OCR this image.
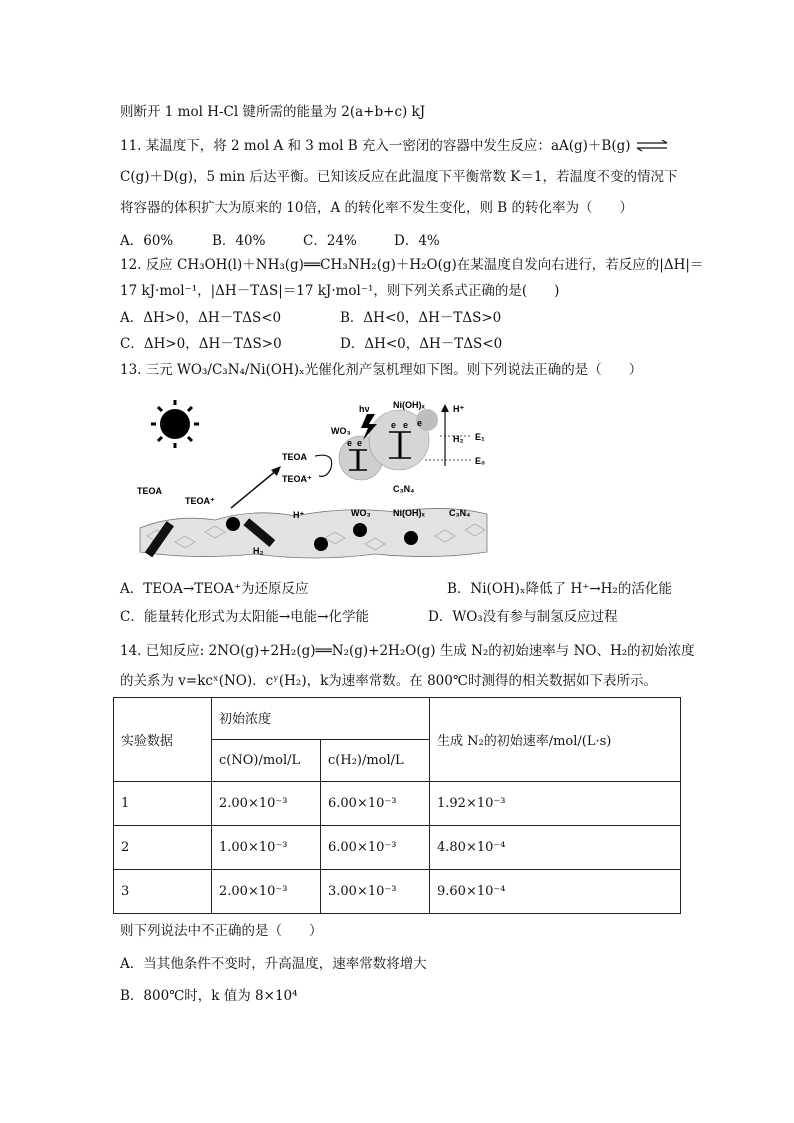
则断开 1 mol H-Cl 键所需的能量为 2(a+b+c) kJ
11. 某温度下，将 2 mol A 和 3 mol B 充入一密闭的容器中发生反应：aA(g)＋B(g) ⇌
C(g)＋D(g)，5 min 后达平衡。已知该反应在此温度下平衡常数 K＝1，若温度不变的情况下
将容器的体积扩大为原来的 10倍，A 的转化率不发生变化，则 B 的转化率为（　　）
A．60%	B．40%	C．24%	D．4%
12. 反应 CH₃OH(l)＋NH₃(g)══CH₃NH₂(g)＋H₂O(g)在某温度自发向右进行，若反应的|ΔH|＝
17 kJ·mol⁻¹，|ΔH－TΔS|＝17 kJ·mol⁻¹，则下列关系式正确的是(　　)
A．ΔH>0，ΔH－TΔS<0	B．ΔH<0，ΔH－TΔS>0
C．ΔH>0，ΔH－TΔS>0	D．ΔH<0，ΔH－TΔS<0
13. 三元 WO₃/C₃N₄/Ni(OH)ₓ光催化剂产氢机理如下图。则下列说法正确的是（　　）
TEOA
TEOA⁺
H⁺
H₂
WO₃ Ni(OH)ₓ	C₃N₄
e e
e e e
hν
WO₃
Ni(OH)ₓ
C₃N₄
TEOA
TEOA⁺
H⁺
H₂ E₁
E₀
A．TEOA→TEOA⁺为还原反应	B．Ni(OH)ₓ降低了 H⁺→H₂的活化能
C．能量转化形式为太阳能→电能→化学能	D．WO₃没有参与制氢反应过程
14. 已知反应: 2NO(g)+2H₂(g)══N₂(g)+2H₂O(g) 生成 N₂的初始速率与 NO、H₂的初始浓度
的关系为 v=kcˣ(NO)．cʸ(H₂)，k为速率常数。在 800℃时测得的相关数据如下表所示。
实验数据	初始浓度		生成 N₂的初始速率/mol/(L·s)
	c(NO)/mol/L	c(H₂)/mol/L	
1	2.00×10⁻³	6.00×10⁻³	1.92×10⁻³
2	1.00×10⁻³	6.00×10⁻³	4.80×10⁻⁴
3	2.00×10⁻³	3.00×10⁻³	9.60×10⁻⁴
则下列说法中不正确的是（　　）
A．当其他条件不变时，升高温度，速率常数将增大
B．800℃时，k 值为 8×10⁴
